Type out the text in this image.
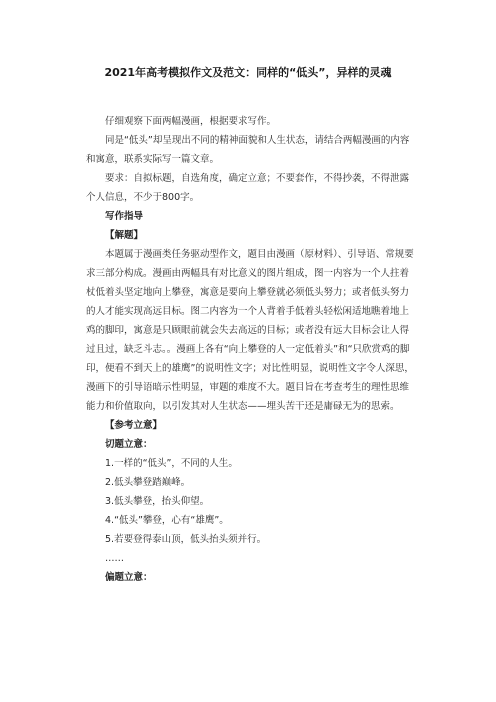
2021年高考模拟作文及范文：同样的“低头”，异样的灵魂

仔细观察下面两幅漫画，根据要求写作。

同是“低头”却呈现出不同的精神面貌和人生状态，请结合两幅漫画的内容和寓意，联系实际写一篇文章。

要求：自拟标题，自选角度，确定立意；不要套作，不得抄袭，不得泄露个人信息，不少于800字。

写作指导

【解题】

本题属于漫画类任务驱动型作文，题目由漫画（原材料）、引导语、常规要求三部分构成。漫画由两幅具有对比意义的图片组成，图一内容为一个人拄着杖低着头坚定地向上攀登，寓意是要向上攀登就必须低头努力；或者低头努力的人才能实现高远目标。图二内容为一个人背着手低着头轻松闲适地瞧着地上鸡的脚印，寓意是只顾眼前就会失去高远的目标；或者没有远大目标会让人得过且过，缺乏斗志。。漫画上各有“向上攀登的人一定低着头”和“只欣赏鸡的脚印，便看不到天上的雄鹰”的说明性文字；对比性明显，说明性文字令人深思，漫画下的引导语暗示性明显，审题的难度不大。题目旨在考查考生的理性思维能力和价值取向，以引发其对人生状态——埋头苦干还是庸碌无为的思索。

【参考立意】

切题立意：

1.一样的“低头”，不同的人生。

2.低头攀登踏巅峰。

3.低头攀登，抬头仰望。

4.“低头”攀登，心有“雄鹰”。

5.若要登得泰山顶，低头抬头须并行。

……

偏题立意：
